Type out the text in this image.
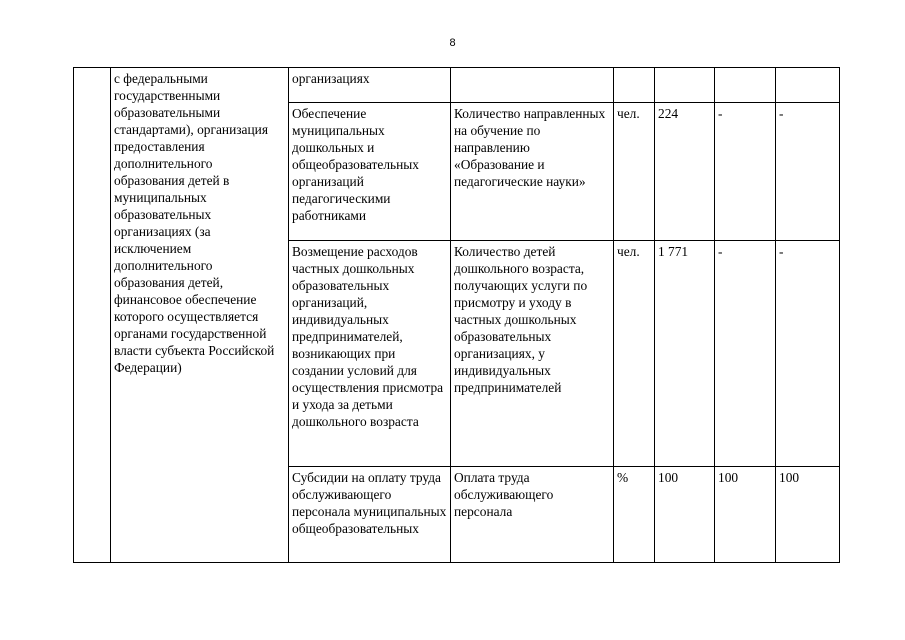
8
	с федеральными государственными образовательными стандартами), организация предоставления дополнительного образования детей в муниципальных образовательных организациях (за исключением дополнительного образования детей, финансовое обеспечение которого осуществляется органами государственной власти субъекта Российской Федерации)	организациях					
		Обеспечение муниципальных дошкольных и общеобразовательных организаций педагогическими работниками	Количество направленных на обучение по направлению «Образование и педагогические науки»	чел.	224	-	-
		Возмещение расходов частных дошкольных образовательных организаций, индивидуальных предпринимателей, возникающих при создании условий для осуществления присмотра и ухода за детьми дошкольного возраста	Количество детей дошкольного возраста, получающих услуги по присмотру и уходу в частных дошкольных образовательных организациях, у индивидуальных предпринимателей	чел.	1 771	-	-
		Субсидии на оплату труда обслуживающего персонала муниципальных общеобразовательных	Оплата труда обслуживающего персонала	%	100	100	100
